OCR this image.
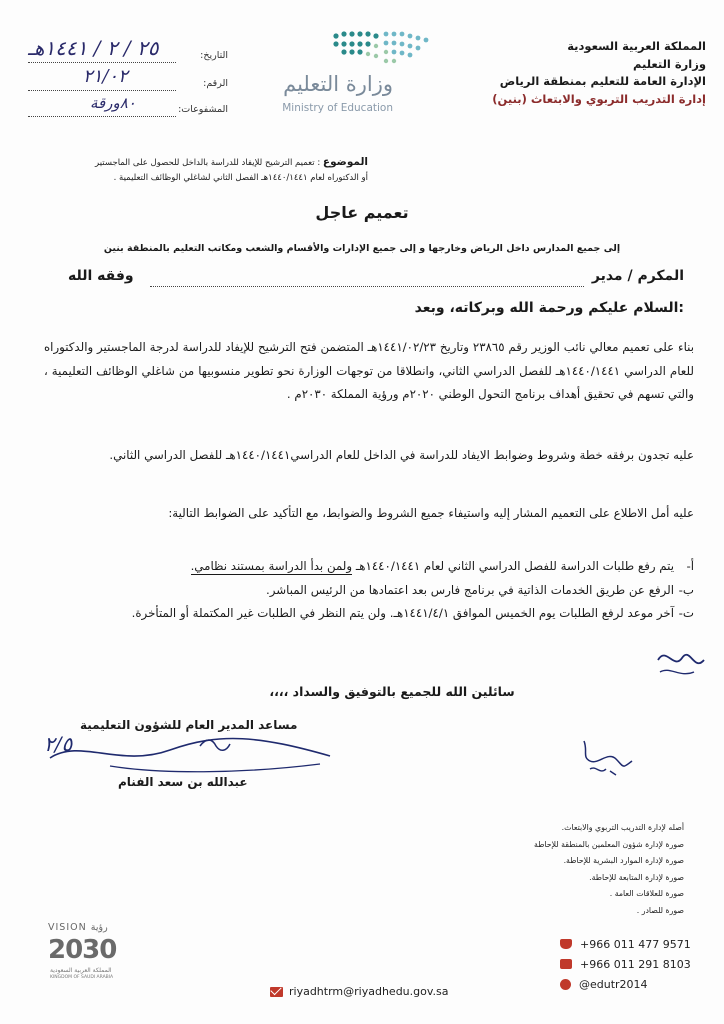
المملكة العربية السعودية
وزارة التعليم
الإدارة العامة للتعليم بمنطقة الرياض
إدارة التدريب التربوي والابتعاث (بنين)
وزارة التعليم
Ministry of Education
التاريخ:
٢٥ / ٢ / ١٤٤١هـ
الرقم:
٢١/٠٢
المشفوعات:
٨٠ورقة
الموضوع : تعميم الترشيح للإيفاد للدراسة بالداخل للحصول على الماجستير
أو الدكتوراه لعام ١٤٤٠/١٤٤١هـ الفصل الثاني لشاغلي الوظائف التعليمية .
تعميم عاجل
إلى جميع المدارس داخل الرياض وخارجها و إلى جميع الإدارات والأقسام والشعب ومكاتب التعليم بالمنطقة بنين
المكرم / مدير
وفقه الله
السلام عليكم ورحمة الله وبركاته، وبعد:
بناء على تعميم معالي نائب الوزير رقم ٢٣٨٦٥ وتاريخ ١٤٤١/٠٢/٢٣هـ المتضمن فتح الترشيح للإيفاد للدراسة لدرجة الماجستير والدكتوراه للعام الدراسي ١٤٤٠/١٤٤١هـ للفصل الدراسي الثاني، وانطلاقا من توجهات الوزارة نحو تطوير منسوبيها من شاغلي الوظائف التعليمية ، والتي تسهم في تحقيق أهداف برنامج التحول الوطني ٢٠٢٠م ورؤية المملكة ٢٠٣٠م .
عليه تجدون برفقه خطة وشروط وضوابط الايفاد للدراسة في الداخل للعام الدراسي١٤٤٠/١٤٤١هـ للفصل الدراسي الثاني.
عليه أمل الاطلاع على التعميم المشار إليه واستيفاء جميع الشروط والضوابط، مع التأكيد على الضوابط التالية:
أ-
يتم رفع طلبات الدراسة للفصل الدراسي الثاني لعام ١٤٤٠/١٤٤١هـ ولمن بدأ الدراسة بمستند نظامي.
ب-
الرفع عن طريق الخدمات الذاتية في برنامج فارس بعد اعتمادها من الرئيس المباشر.
ت-
آخر موعد لرفع الطلبات يوم الخميس الموافق ١٤٤١/٤/١هـ. ولن يتم النظر في الطلبات غير المكتملة أو المتأخرة.
سائلين الله للجميع بالتوفيق والسداد ،،،،
مساعد المدير العام للشؤون التعليمية
٢/٥
عبدالله بن سعد الفنام
أصله لإدارة التدريب التربوي والابتعاث.
صورة لإدارة شؤون المعلمين بالمنطقة للإحاطة
صورة لإدارة الموارد البشرية للإحاطة.
صورة لإدارة المتابعة للإحاطة.
صورة للعلاقات العامة .
صورة للصادر .
+966 011 477 9571
+966 011 291 8103
@edutr2014
riyadhtrm@riyadhedu.gov.sa
VISION رؤية
2030
المملكة العربية السعودية
KINGDOM OF SAUDI ARABIA
